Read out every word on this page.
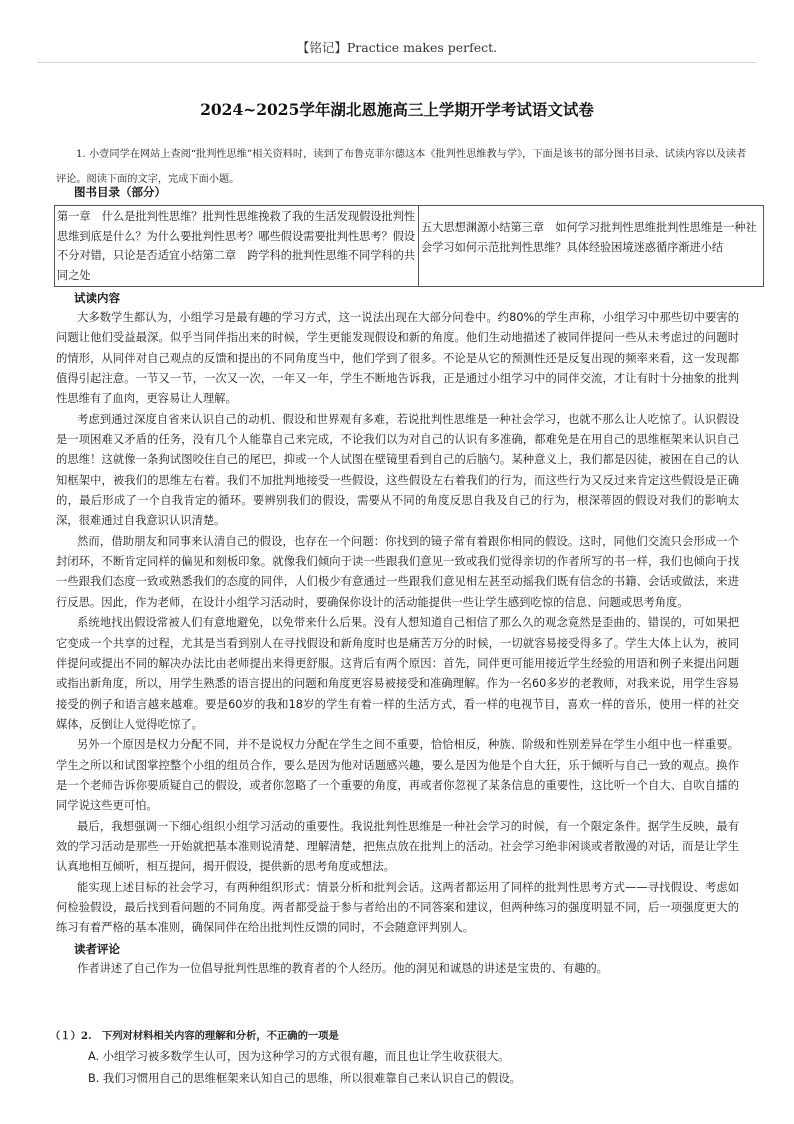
【铭记】Practice makes perfect.
2024~2025学年湖北恩施高三上学期开学考试语文试卷
1. 小壹同学在网站上查阅“批判性思维”相关资料时，读到了布鲁克菲尔德这本《批判性思维教与学》，下面是该书的部分图书目录、试读内容以及读者评论。阅读下面的文字，完成下面小题。
图书目录（部分）
第一章　什么是批判性思维？批判性思维挽救了我的生活发现假设批判性思维到底是什么？为什么要批判性思考？哪些假设需要批判性思考？假设不分对错，只论是否适宜小结第二章　跨学科的批判性思维不同学科的共同之处	五大思想渊源小结第三章　如何学习批判性思维批判性思维是一种社会学习如何示范批判性思维？具体经验困境迷惑循序渐进小结
试读内容

大多数学生都认为，小组学习是最有趣的学习方式，这一说法出现在大部分问卷中。约80%的学生声称，小组学习中那些切中要害的问题让他们受益最深。似乎当同伴指出来的时候，学生更能发现假设和新的角度。他们生动地描述了被同伴提问一些从未考虑过的问题时的情形，从同伴对自己观点的反馈和提出的不同角度当中，他们学到了很多。不论是从它的预测性还是反复出现的频率来看，这一发现都值得引起注意。一节又一节，一次又一次，一年又一年，学生不断地告诉我，正是通过小组学习中的同伴交流，才让有时十分抽象的批判性思维有了血肉，更容易让人理解。

考虑到通过深度自省来认识自己的动机、假设和世界观有多难，若说批判性思维是一种社会学习，也就不那么让人吃惊了。认识假设是一项困难又矛盾的任务，没有几个人能靠自己来完成，不论我们以为对自己的认识有多准确，都难免是在用自己的思维框架来认识自己的思维！这就像一条狗试图咬住自己的尾巴，抑或一个人试图在壁镜里看到自己的后脑勺。某种意义上，我们都是囚徒，被困在自己的认知框架中，被我们的思维左右着。我们不加批判地接受一些假设，这些假设左右着我们的行为，而这些行为又反过来肯定这些假设是正确的，最后形成了一个自我肯定的循环。要辨别我们的假设，需要从不同的角度反思自我及自己的行为，根深蒂固的假设对我们的影响太深，很难通过自我意识认识清楚。

然而，借助朋友和同事来认清自己的假设，也存在一个问题：你找到的镜子常有着跟你相同的假设。这时，同他们交流只会形成一个封闭环，不断肯定同样的偏见和刻板印象。就像我们倾向于读一些跟我们意见一致或我们觉得亲切的作者所写的书一样，我们也倾向于找一些跟我们态度一致或熟悉我们的态度的同伴，人们极少有意通过一些跟我们意见相左甚至动摇我们既有信念的书籍、会话或做法，来进行反思。因此，作为老师，在设计小组学习活动时，要确保你设计的活动能提供一些让学生感到吃惊的信息、问题或思考角度。

系统地找出假设常被人们有意地避免，以免带来什么后果。没有人想知道自己相信了那么久的观念竟然是歪曲的、错误的，可如果把它变成一个共享的过程，尤其是当看到别人在寻找假设和新角度时也是痛苦万分的时候，一切就容易接受得多了。学生大体上认为，被同伴提问或提出不同的解决办法比由老师提出来得更舒服。这背后有两个原因：首先，同伴更可能用接近学生经验的用语和例子来提出问题或指出新角度，所以，用学生熟悉的语言提出的问题和角度更容易被接受和准确理解。作为一名60多岁的老教师，对我来说，用学生容易接受的例子和语言越来越难。要是60岁的我和18岁的学生有着一样的生活方式，看一样的电视节目，喜欢一样的音乐，使用一样的社交媒体，反倒让人觉得吃惊了。

另外一个原因是权力分配不同，并不是说权力分配在学生之间不重要，恰恰相反，种族、阶级和性别差异在学生小组中也一样重要。学生之所以和试图掌控整个小组的组员合作，要么是因为他对话题感兴趣，要么是因为他是个自大狂，乐于倾听与自己一致的观点。换作是一个老师告诉你要质疑自己的假设，或者你忽略了一个重要的角度，再或者你忽视了某条信息的重要性，这比听一个自大、自吹自擂的同学说这些更可怕。

最后，我想强调一下细心组织小组学习活动的重要性。我说批判性思维是一种社会学习的时候，有一个限定条件。据学生反映，最有效的学习活动是那些一开始就把基本准则说清楚、理解清楚，把焦点放在批判上的活动。社会学习绝非闲谈或者散漫的对话，而是让学生认真地相互倾听，相互提问，揭开假设，提供新的思考角度或想法。

能实现上述目标的社会学习，有两种组织形式：情景分析和批判会话。这两者都运用了同样的批判性思考方式——寻找假设、考虑如何检验假设，最后找到看问题的不同角度。两者都受益于参与者给出的不同答案和建议，但两种练习的强度明显不同，后一项强度更大的练习有着严格的基本准则，确保同伴在给出批判性反馈的同时，不会随意评判别人。

读者评论

作者讲述了自己作为一位倡导批判性思维的教育者的个人经历。他的洞见和诚恳的讲述是宝贵的、有趣的。

（１）2.　下列对材料相关内容的理解和分析，不正确的一项是
A. 小组学习被多数学生认可，因为这种学习的方式很有趣，而且也让学生收获很大。
B. 我们习惯用自己的思维框架来认知自己的思维，所以很难靠自己来认识自己的假设。
